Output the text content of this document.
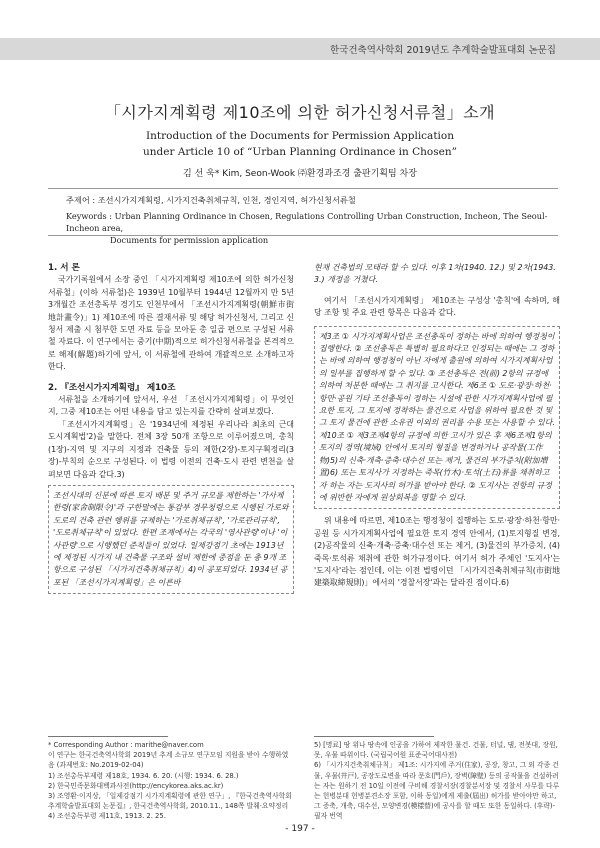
한국건축역사학회 2019년도 추계학술발표대회 논문집
「시가지계획령 제10조에 의한 허가신청서류철」소개
Introduction of the Documents for Permission Application
under Article 10 of “Urban Planning Ordinance in Chosen”
김 선 욱* Kim, Seon-Wook ㈜환경과조경 출판기획팀 차장
주제어 : 조선시가지계획령, 시가지건축취체규칙, 인천, 경인지역, 허가신청서류철
Keywords : Urban Planning Ordinance in Chosen, Regulations Controlling Urban Construction, Incheon, The Seoul-Incheon area,
Documents for permission application
1. 서 론

국가기록원에서 소장 중인 「시가지계획령 제10조에 의한 허가신청서류철」(이하 서류철)은 1939년 10월부터 1944년 12월까지 만 5년3개월간 조선총독부 경기도 인천부에서 「조선시가지계획령(朝鮮市街地計畫令)」1) 제10조에 따른 결재서류 및 해당 허가신청서, 그리고 신청서 제출 시 첨부한 도면 자료 등을 모아둔 총 일곱 편으로 구성된 서류철 자료다. 이 연구에서는 중기(中期)적으로 허가신청서류철을 본격적으로 해제(解題)하기에 앞서, 이 서류철에 관하여 개괄적으로 소개하고자 한다.

2. 『조선시가지계획령』 제10조

서류철을 소개하기에 앞서서, 우선 「조선시가지계획령」이 무엇인지, 그중 제10조는 어떤 내용을 담고 있는지를 간략히 살펴보겠다.

「조선시가지계획령」은 '1934년에 제정된 우리나라 최초의 근대 도시계획법'2)을 말한다. 전체 3장 50개 조항으로 이루어졌으며, 총칙(1장)-지역 및 지구의 지정과 건축물 등의 제한(2장)-토지구획정리(3장)-부칙의 순으로 구성된다. 이 법령 이전의 건축·도시 관련 변천을 살펴보면 다음과 같다.3)

조선시대의 신분에 따른 토지 배분 및 주거 규모를 제한하는 '가사제한령(家舍制限令)'과 구한말에는 통감부 경무청령으로 시행된 가로와 도로의 건축 관련 행위를 규제하는 '가로취체규칙', '가로관리규칙', '도로취체규칙'이 있었다. 한편 조계에서는 각국의 '영사관령'이나 '이사관령'으로 시행했던 준칙들이 있었다. 일제강점기 초에는 1913년에 제정된 시가지 내 건축물 구조와 설비 제한에 중점을 둔 총 9개 조항으로 구성된 「시가지건축취체규칙」4)이 공포되었다. 1934년 공포된 「조선시가지계획령」은 이른바

* Corresponding Author : marithe@naver.com
이 연구는 한국건축역사학회 2019년 추계 소규모 연구모임 지원을 받아 수행하였음 (과제번호: No.2019-02-04)
1) 조선총독부제령 제18호, 1934. 6. 20. (시행: 1934. 6. 28.)
2) 한국민족문화대백과사전(http://encykorea.aks.ac.kr)
3) 조영환·이지상, 「일제강점기 시가지계획령에 관한 연구」, 『한국건축역사학회 추계학술발표대회 논문집』, 한국건축역사학회, 2010.11., 148쪽 발췌·요약정리
4) 조선총독부령 제11호, 1913. 2. 25.

현재 건축법의 모태라 할 수 있다. 이후 1차(1940. 12.) 및 2차(1943. 3.) 개정을 거쳤다.

여기서 「조선시가지계획령」 제10조는 구성상 '총칙'에 속하며, 해당 조항 및 주요 관련 항목은 다음과 같다.

제3조 ① 시가지계획사업은 조선총독이 정하는 바에 의하여 행정청이 집행한다. ② 조선총독은 특별히 필요하다고 인정되는 때에는 그 정하는 바에 의하여 행정청이 아닌 자에게 출원에 의하여 시가지계획사업의 일부를 집행하게 할 수 있다. ③ 조선총독은 전(前) 2항의 규정에 의하여 처분한 때에는 그 취지를 고시한다. 제6조 ① 도로·광장·하천·항만·공원 기타 조선총독이 정하는 시설에 관한 시가지계획사업에 필요한 토지, 그 토지에 정착하는 물건으로 사업을 위하여 필요한 것 및 그 토지 물건에 관한 소유권 이외의 권리를 수용 또는 사용할 수 있다. 제10조 ① 제3조제4항의 규정에 의한 고시가 있은 후 제6조제1항의 토지의 경역(境域) 안에서 토지의 형질을 변경하거나 공작물(工作物)5)의 신축·개축·증축·대수선 또는 제거, 물건의 부가증치(附加増置)6) 또는 토지사가 지정하는 죽목(竹木)·토석(土石)류를 채취하고자 하는 자는 도지사의 허가를 받아야 한다. ② 도지사는 전항의 규정에 위반한 자에게 원상회복을 명할 수 있다.

위 내용에 따르면, 제10조는 행정청이 집행하는 도로·광장·하천·항만·공원 등 시가지계획사업에 필요한 토지 경역 안에서, (1)토지형질 변경, (2)공작물의 신축·개축·증축·대수선 또는 제거, (3)물건의 부가증치, (4)죽목·토석류 채취에 관한 허가규정이다. 여기서 허가 주체인 '도지사'는 '도지사'라는 점인데, 이는 이전 법령이던 「시가지건축취체규칙(市街地建築取締規則)」에서의 '경찰서장'과는 달라진 점이다.6)

5) [명료] 땅 위나 땅속에 인공을 가하여 제작한 물건. 건물, 터널, 댐, 전봇대, 장원, 못, 우물 따위이다. (국립국어원 표준국어대사전)
6) 「시가지건축취체규칙」 제1조: 시가지에 주거(住家), 공장, 창고, 그 외 각종 건물, 우물(井戸), 공장도로변을 따라 문호(門戶), 장벽(障壁) 등의 공작물을 건설하려는 자는 원하기 전 10일 이전에 구비해 경찰서장(경찰분서장 및 경찰서 사무를 다루는 헌병분대 헌병분견소장 포함, 이하 동일)에게 제출(屆出) 허가를 받아야만 하고, 그 증축, 개축, 대수선, 모양변경(模樣替)에 공사를 할 때도 또한 동일하다. (후략)- 필자 번역
- 197 -
